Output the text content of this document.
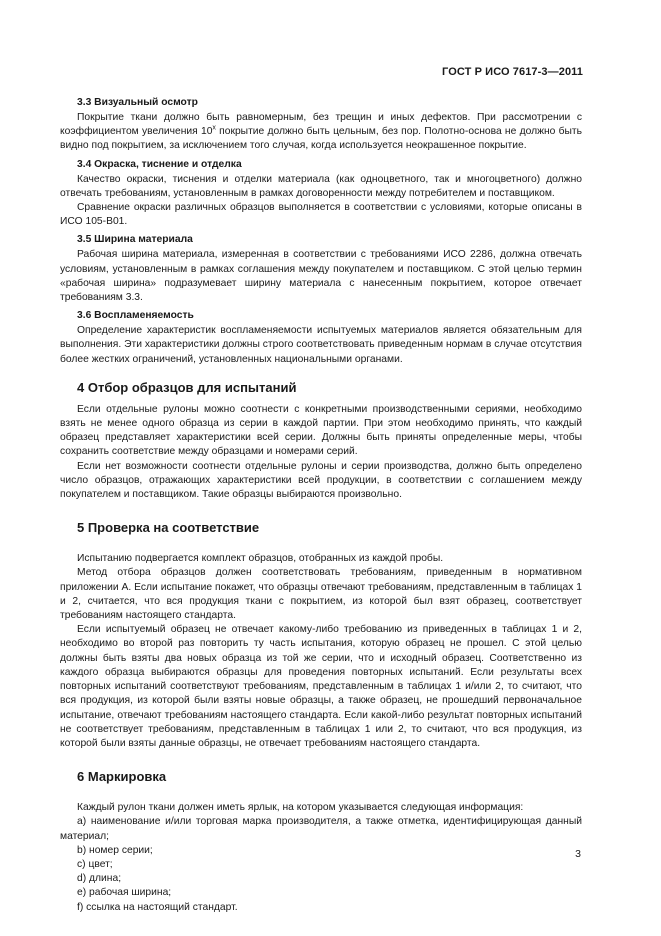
ГОСТ Р ИСО 7617-3—2011
3.3 Визуальный осмотр

Покрытие ткани должно быть равномерным, без трещин и иных дефектов. При рассмотрении с коэффициентом увеличения 10$^x$ покрытие должно быть цельным, без пор. Полотно-основа не должно быть видно под покрытием, за исключением того случая, когда используется неокрашенное покрытие.

3.4 Окраска, тиснение и отделка

Качество окраски, тиснения и отделки материала (как одноцветного, так и многоцветного) должно отвечать требованиям, установленным в рамках договоренности между потребителем и поставщиком.

Сравнение окраски различных образцов выполняется в соответствии с условиями, которые описаны в ИСО 105-В01.

3.5 Ширина материала

Рабочая ширина материала, измеренная в соответствии с требованиями ИСО 2286, должна отвечать условиям, установленным в рамках соглашения между покупателем и поставщиком. С этой целью термин «рабочая ширина» подразумевает ширину материала с нанесенным покрытием, которое отвечает требованиям 3.3.

3.6 Воспламеняемость

Определение характеристик воспламеняемости испытуемых материалов является обязательным для выполнения. Эти характеристики должны строго соответствовать приведенным нормам в случае отсутствия более жестких ограничений, установленных национальными органами.

4 Отбор образцов для испытаний

Если отдельные рулоны можно соотнести с конкретными производственными сериями, необходимо взять не менее одного образца из серии в каждой партии. При этом необходимо принять, что каждый образец представляет характеристики всей серии. Должны быть приняты определенные меры, чтобы сохранить соответствие между образцами и номерами серий.

Если нет возможности соотнести отдельные рулоны и серии производства, должно быть определено число образцов, отражающих характеристики всей продукции, в соответствии с соглашением между покупателем и поставщиком. Такие образцы выбираются произвольно.

5 Проверка на соответствие

Испытанию подвергается комплект образцов, отобранных из каждой пробы.

Метод отбора образцов должен соответствовать требованиям, приведенным в нормативном приложении А. Если испытание покажет, что образцы отвечают требованиям, представленным в таблицах 1 и 2, считается, что вся продукция ткани с покрытием, из которой был взят образец, соответствует требованиям настоящего стандарта.

Если испытуемый образец не отвечает какому-либо требованию из приведенных в таблицах 1 и 2, необходимо во второй раз повторить ту часть испытания, которую образец не прошел. С этой целью должны быть взяты два новых образца из той же серии, что и исходный образец. Соответственно из каждого образца выбираются образцы для проведения повторных испытаний. Если результаты всех повторных испытаний соответствуют требованиям, представленным в таблицах 1 и/или 2, то считают, что вся продукция, из которой были взяты новые образцы, а также образец, не прошедший первоначальное испытание, отвечают требованиям настоящего стандарта. Если какой-либо результат повторных испытаний не соответствует требованиям, представленным в таблицах 1 или 2, то считают, что вся продукция, из которой были взяты данные образцы, не отвечает требованиям настоящего стандарта.

6 Маркировка

Каждый рулон ткани должен иметь ярлык, на котором указывается следующая информация:

a) наименование и/или торговая марка производителя, а также отметка, идентифицирующая данный материал;

b) номер серии;

c) цвет;

d) длина;

e) рабочая ширина;

f) ссылка на настоящий стандарт.

3
